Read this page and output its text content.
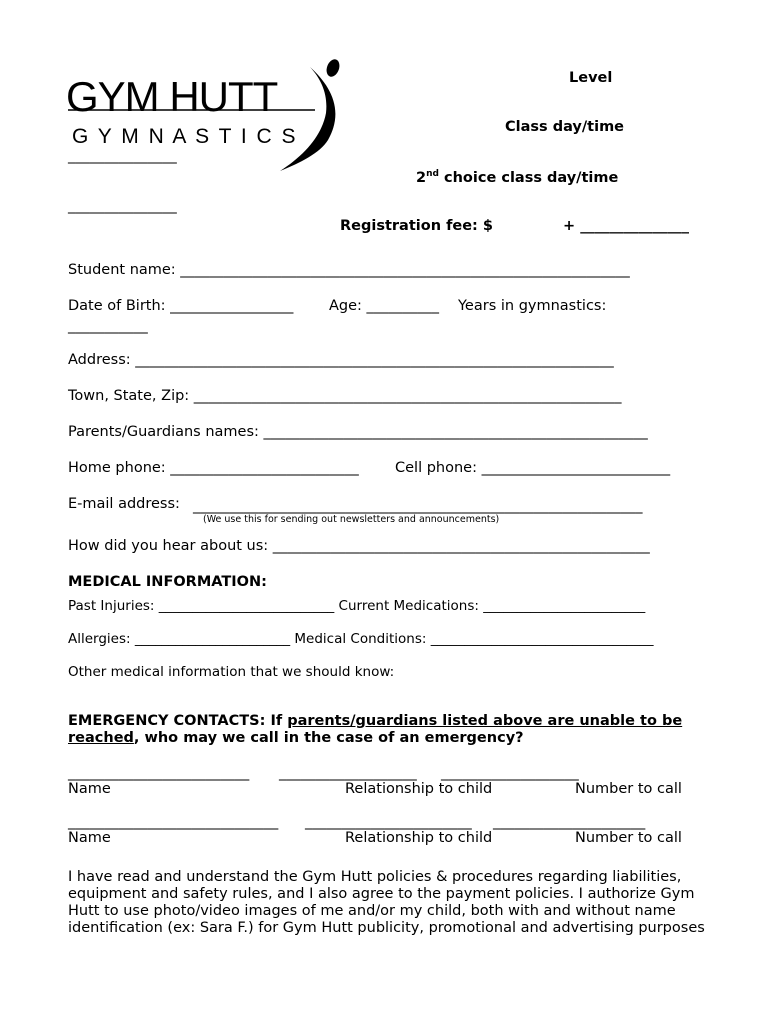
GYM HUTT
G Y M N A S T I C S
Level
Class day/time
_______________
2nd choice class day/time
_______________
Registration fee: $	+ _______________
Student name: ______________________________________________________________
Date of Birth: _________________ Age: __________ Years in gymnastics:
___________
Address: __________________________________________________________________
Town, State, Zip: ___________________________________________________________
Parents/Guardians names: _____________________________________________________
Home phone: __________________________ Cell phone: __________________________
E-mail address: ______________________________________________________________
(We use this for sending out newsletters and announcements)
How did you hear about us: ____________________________________________________
MEDICAL INFORMATION:
Past Injuries: __________________________ Current Medications: ________________________
Allergies: _______________________ Medical Conditions: _________________________________
Other medical information that we should know:
EMERGENCY CONTACTS: If parents/guardians listed above are unable to be
reached, who may we call in the case of an emergency?
_________________________ ___________________ ___________________
Name	Relationship to child	Number to call
_____________________________ _______________________ _____________________
Name	Relationship to child	Number to call
I have read and understand the Gym Hutt policies & procedures regarding liabilities,
equipment and safety rules, and I also agree to the payment policies. I authorize Gym
Hutt to use photo/video images of me and/or my child, both with and without name
identification (ex: Sara F.) for Gym Hutt publicity, promotional and advertising purposes
